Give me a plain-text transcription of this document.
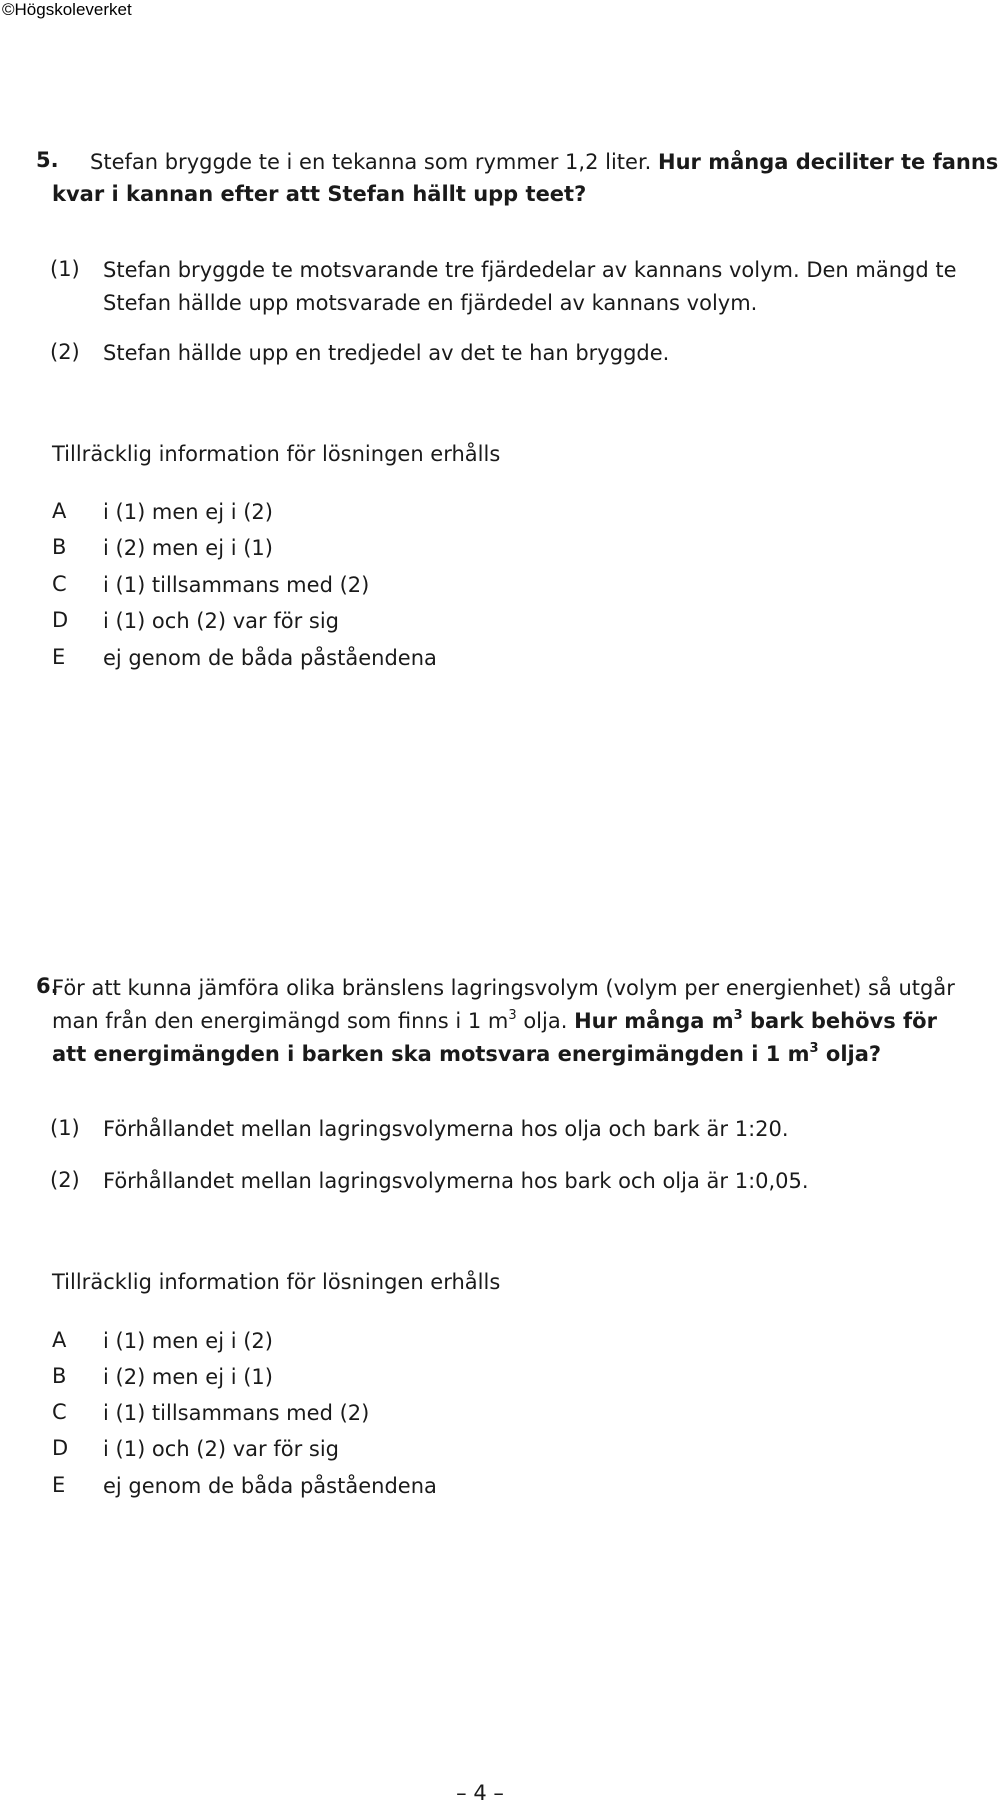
©Högskoleverket
5. Stefan bryggde te i en tekanna som rymmer 1,2 liter. Hur många deciliter te fanns
kvar i kannan efter att Stefan hällt upp teet?
(1) Stefan bryggde te motsvarande tre fjärdedelar av kannans volym. Den mängd te
Stefan hällde upp motsvarade en fjärdedel av kannans volym.
(2) Stefan hällde upp en tredjedel av det te han bryggde.
Tillräcklig information för lösningen erhålls
A i (1) men ej i (2)
B i (2) men ej i (1)
C i (1) tillsammans med (2)
D i (1) och (2) var för sig
E ej genom de båda påståendena
6.
För att kunna jämföra olika bränslens lagringsvolym (volym per energienhet) så utgår
man från den energimängd som finns i 1 $m^3$ olja. Hur många $m^3$ bark behövs för
att energimängden i barken ska motsvara energimängden i 1 $m^3$ olja?
(1) Förhållandet mellan lagringsvolymerna hos olja och bark är 1:20.
(2) Förhållandet mellan lagringsvolymerna hos bark och olja är 1:0,05.
Tillräcklig information för lösningen erhålls
A i (1) men ej i (2)
B i (2) men ej i (1)
C i (1) tillsammans med (2)
D i (1) och (2) var för sig
E ej genom de båda påståendena
– 4 –
